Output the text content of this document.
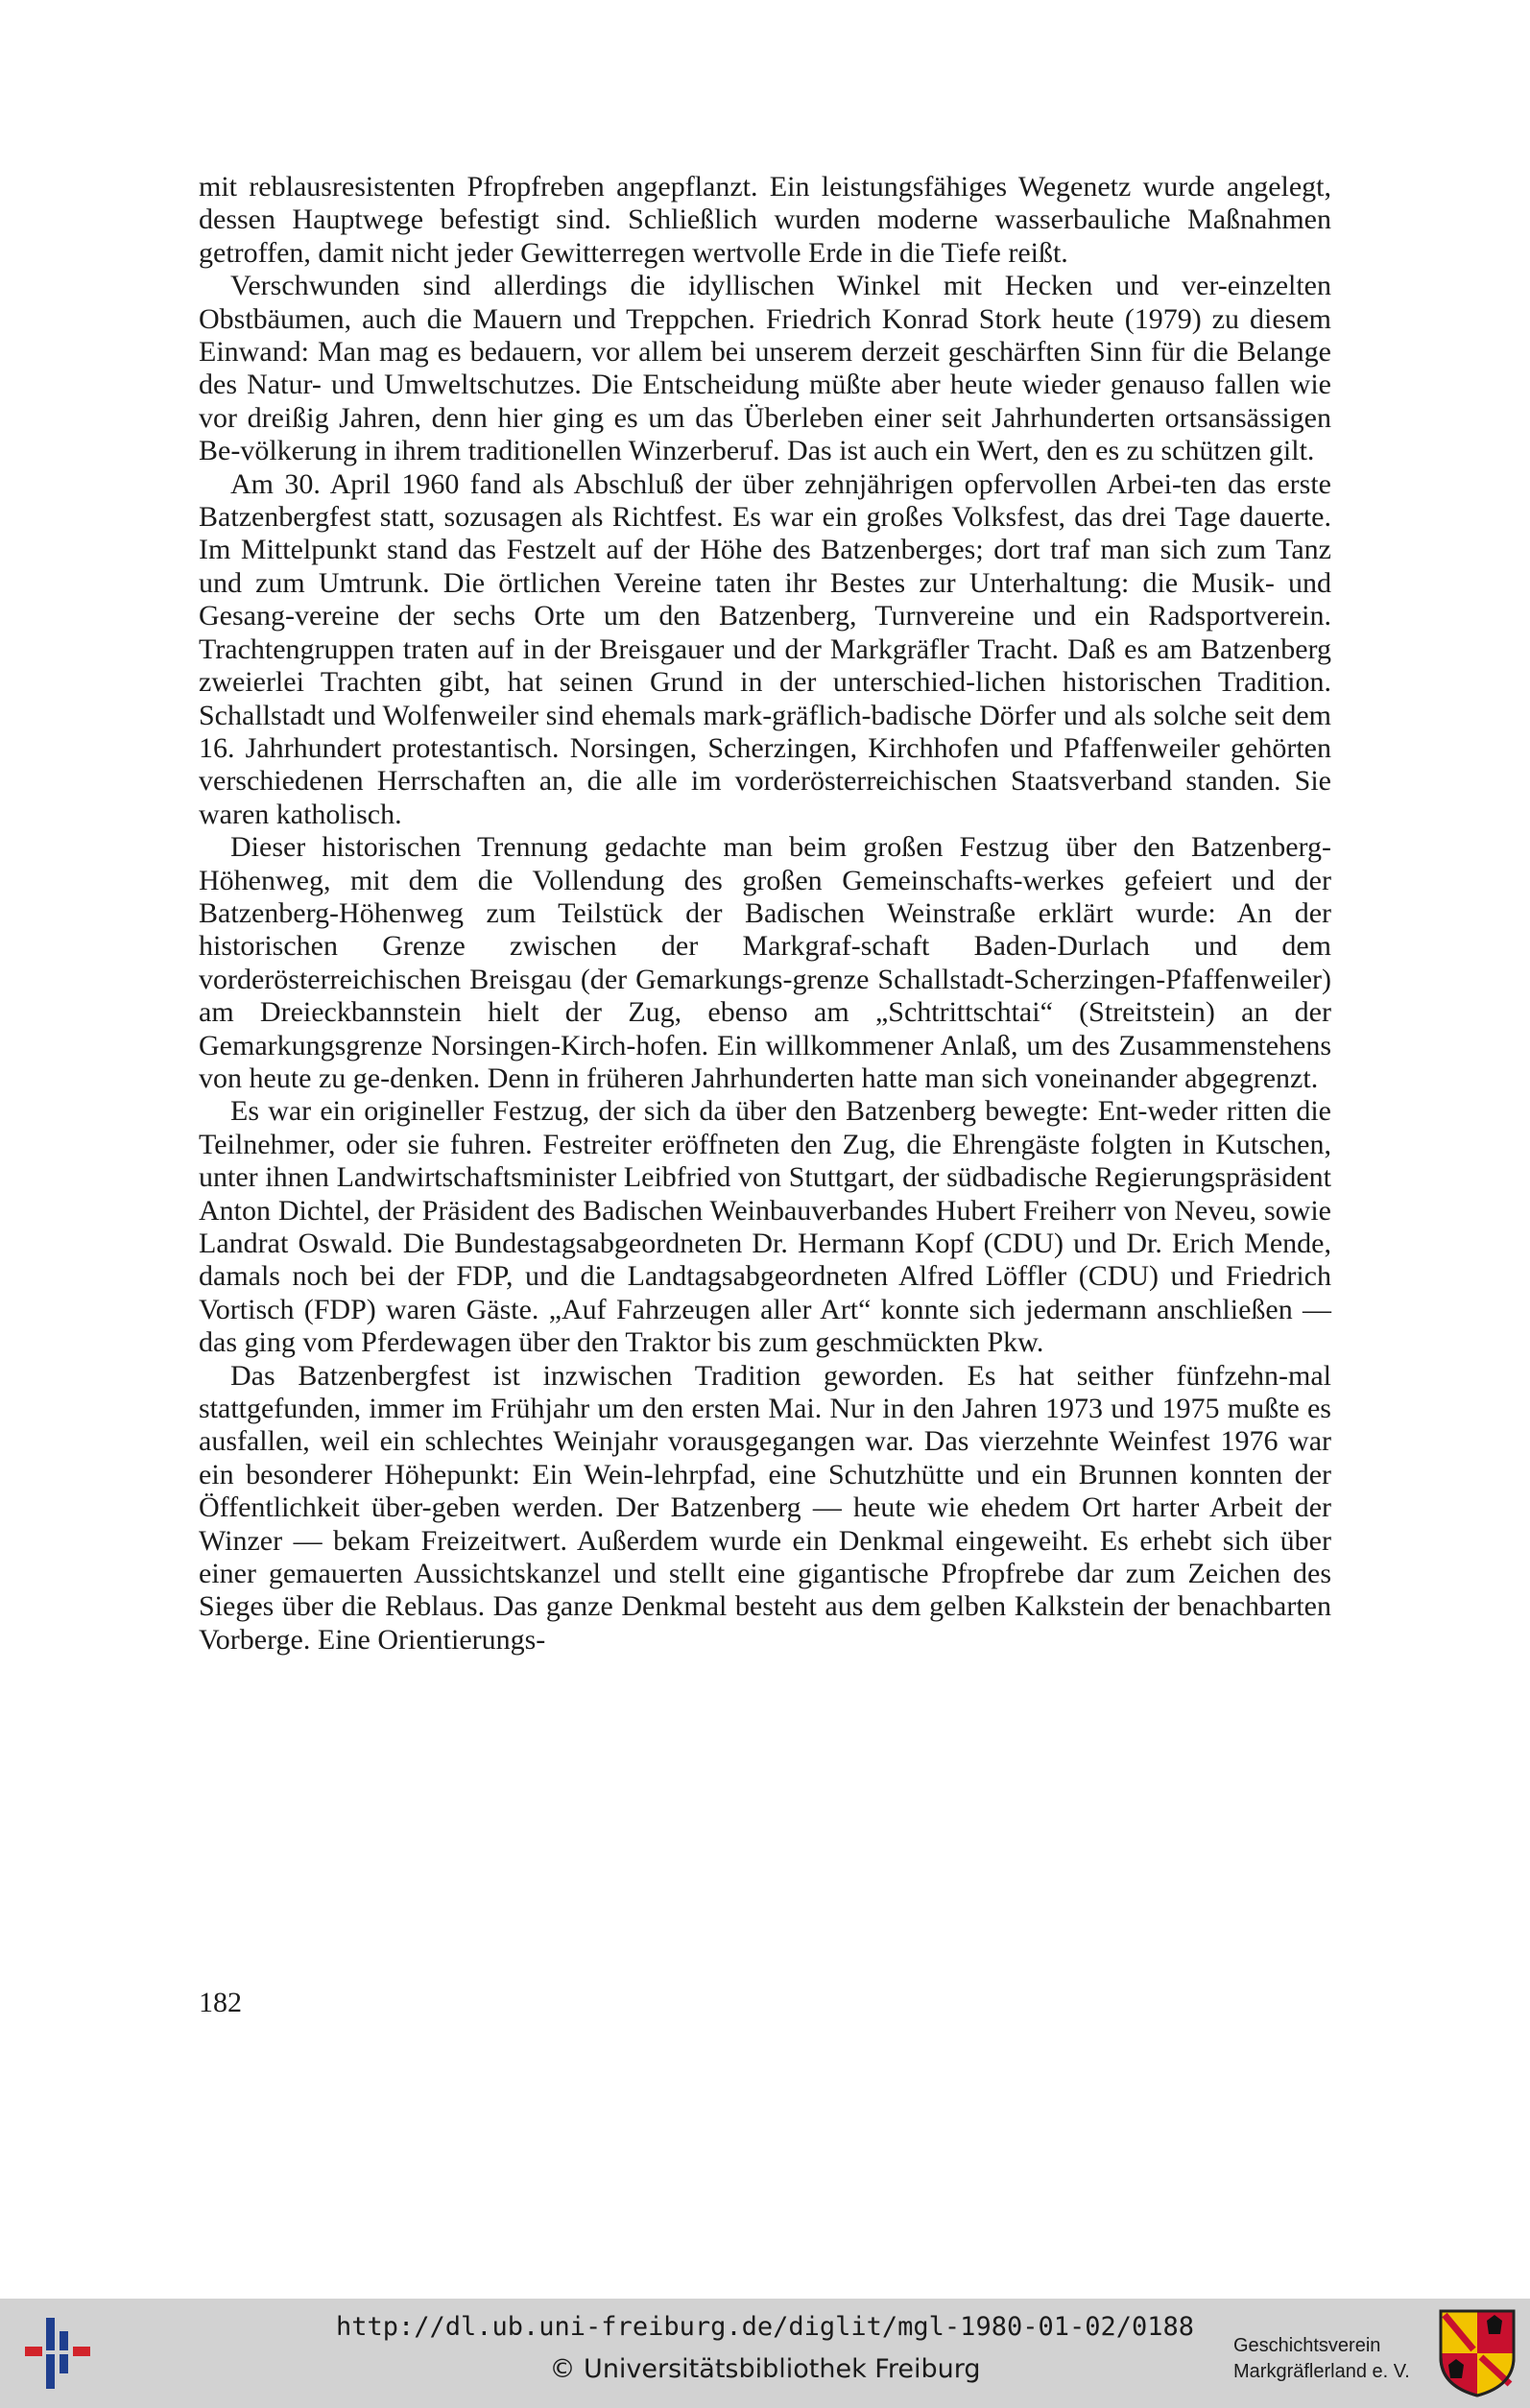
mit reblausresistenten Pfropfreben angepflanzt. Ein leistungsfähiges Wegenetz wurde angelegt, dessen Hauptwege befestigt sind. Schließlich wurden moderne wasserbauliche Maßnahmen getroffen, damit nicht jeder Gewitterregen wertvolle Erde in die Tiefe reißt.

Verschwunden sind allerdings die idyllischen Winkel mit Hecken und ver-einzelten Obstbäumen, auch die Mauern und Treppchen. Friedrich Konrad Stork heute (1979) zu diesem Einwand: Man mag es bedauern, vor allem bei unserem derzeit geschärften Sinn für die Belange des Natur- und Umweltschutzes. Die Entscheidung müßte aber heute wieder genauso fallen wie vor dreißig Jahren, denn hier ging es um das Überleben einer seit Jahrhunderten ortsansässigen Be-völkerung in ihrem traditionellen Winzerberuf. Das ist auch ein Wert, den es zu schützen gilt.

Am 30. April 1960 fand als Abschluß der über zehnjährigen opfervollen Arbei-ten das erste Batzenbergfest statt, sozusagen als Richtfest. Es war ein großes Volksfest, das drei Tage dauerte. Im Mittelpunkt stand das Festzelt auf der Höhe des Batzenberges; dort traf man sich zum Tanz und zum Umtrunk. Die örtlichen Vereine taten ihr Bestes zur Unterhaltung: die Musik- und Gesang-vereine der sechs Orte um den Batzenberg, Turnvereine und ein Radsportverein. Trachtengruppen traten auf in der Breisgauer und der Markgräfler Tracht. Daß es am Batzenberg zweierlei Trachten gibt, hat seinen Grund in der unterschied-lichen historischen Tradition. Schallstadt und Wolfenweiler sind ehemals mark-gräflich-badische Dörfer und als solche seit dem 16. Jahrhundert protestantisch. Norsingen, Scherzingen, Kirchhofen und Pfaffenweiler gehörten verschiedenen Herrschaften an, die alle im vorderösterreichischen Staatsverband standen. Sie waren katholisch.

Dieser historischen Trennung gedachte man beim großen Festzug über den Batzenberg-Höhenweg, mit dem die Vollendung des großen Gemeinschafts-werkes gefeiert und der Batzenberg-Höhenweg zum Teilstück der Badischen Weinstraße erklärt wurde: An der historischen Grenze zwischen der Markgraf-schaft Baden-Durlach und dem vorderösterreichischen Breisgau (der Gemarkungs-grenze Schallstadt-Scherzingen-Pfaffenweiler) am Dreieckbannstein hielt der Zug, ebenso am „Schtrittschtai“ (Streitstein) an der Gemarkungsgrenze Norsingen-Kirch-hofen. Ein willkommener Anlaß, um des Zusammenstehens von heute zu ge-denken. Denn in früheren Jahrhunderten hatte man sich voneinander abgegrenzt.

Es war ein origineller Festzug, der sich da über den Batzenberg bewegte: Ent-weder ritten die Teilnehmer, oder sie fuhren. Festreiter eröffneten den Zug, die Ehrengäste folgten in Kutschen, unter ihnen Landwirtschaftsminister Leibfried von Stuttgart, der südbadische Regierungspräsident Anton Dichtel, der Präsident des Badischen Weinbauverbandes Hubert Freiherr von Neveu, sowie Landrat Oswald. Die Bundestagsabgeordneten Dr. Hermann Kopf (CDU) und Dr. Erich Mende, damals noch bei der FDP, und die Landtagsabgeordneten Alfred Löffler (CDU) und Friedrich Vortisch (FDP) waren Gäste. „Auf Fahrzeugen aller Art“ konnte sich jedermann anschließen — das ging vom Pferdewagen über den Traktor bis zum geschmückten Pkw.

Das Batzenbergfest ist inzwischen Tradition geworden. Es hat seither fünfzehn-mal stattgefunden, immer im Frühjahr um den ersten Mai. Nur in den Jahren 1973 und 1975 mußte es ausfallen, weil ein schlechtes Weinjahr vorausgegangen war. Das vierzehnte Weinfest 1976 war ein besonderer Höhepunkt: Ein Wein-lehrpfad, eine Schutzhütte und ein Brunnen konnten der Öffentlichkeit über-geben werden. Der Batzenberg — heute wie ehedem Ort harter Arbeit der Winzer — bekam Freizeitwert. Außerdem wurde ein Denkmal eingeweiht. Es erhebt sich über einer gemauerten Aussichtskanzel und stellt eine gigantische Pfropfrebe dar zum Zeichen des Sieges über die Reblaus. Das ganze Denkmal besteht aus dem gelben Kalkstein der benachbarten Vorberge. Eine Orientierungs-

182
http://dl.ub.uni-freiburg.de/diglit/mgl-1980-01-02/0188
© Universitätsbibliothek Freiburg
Geschichtsverein
Markgräflerland e. V.
